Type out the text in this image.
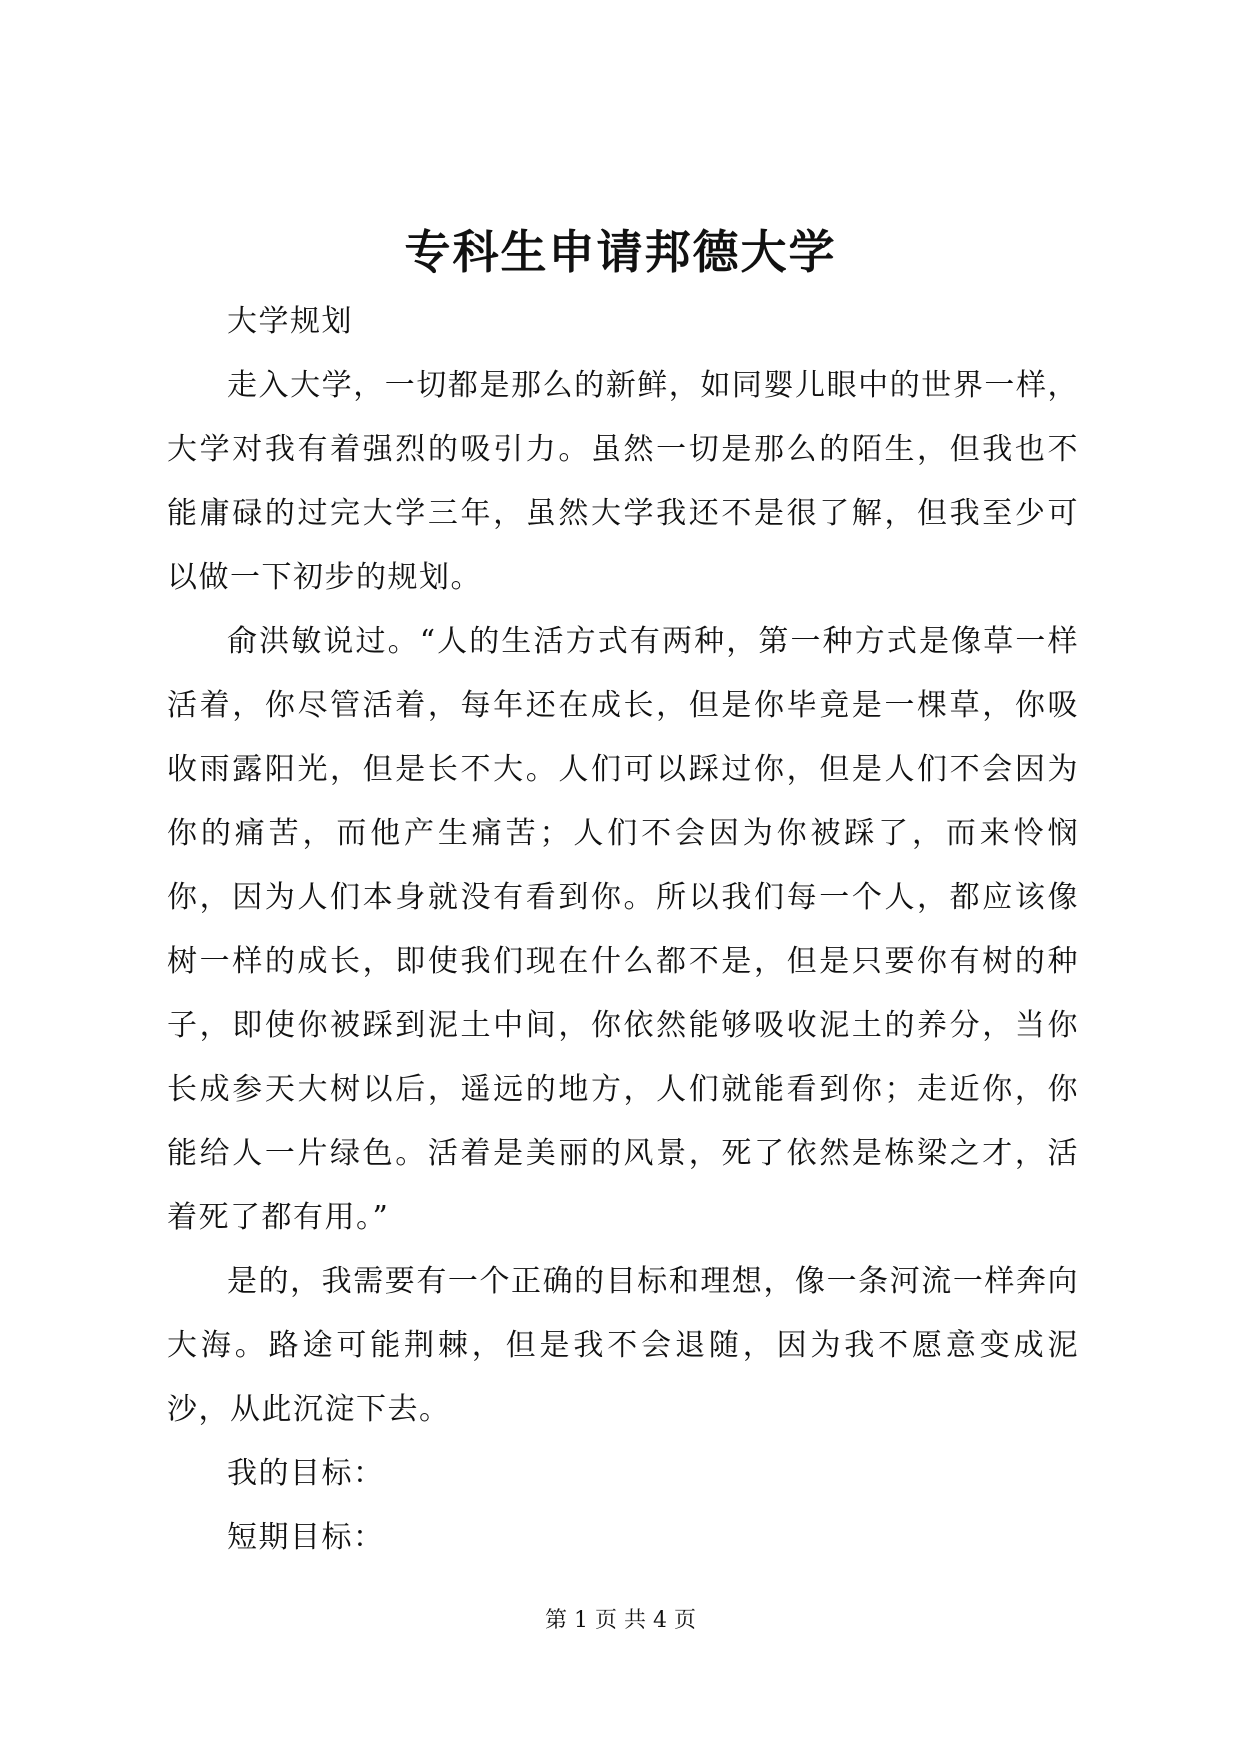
专科生申请邦德大学

大学规划

走入大学，一切都是那么的新鲜，如同婴儿眼中的世界一样，大学对我有着强烈的吸引力。虽然一切是那么的陌生，但我也不能庸碌的过完大学三年，虽然大学我还不是很了解，但我至少可以做一下初步的规划。

俞洪敏说过。“人的生活方式有两种，第一种方式是像草一样活着，你尽管活着，每年还在成长，但是你毕竟是一棵草，你吸收雨露阳光，但是长不大。人们可以踩过你，但是人们不会因为你的痛苦，而他产生痛苦；人们不会因为你被踩了，而来怜悯你，因为人们本身就没有看到你。所以我们每一个人，都应该像树一样的成长，即使我们现在什么都不是，但是只要你有树的种子，即使你被踩到泥土中间，你依然能够吸收泥土的养分，当你长成参天大树以后，遥远的地方，人们就能看到你；走近你，你能给人一片绿色。活着是美丽的风景，死了依然是栋梁之才，活着死了都有用。”

是的，我需要有一个正确的目标和理想，像一条河流一样奔向大海。路途可能荆棘，但是我不会退随，因为我不愿意变成泥沙，从此沉淀下去。

我的目标：

短期目标：

第 1 页 共 4 页
